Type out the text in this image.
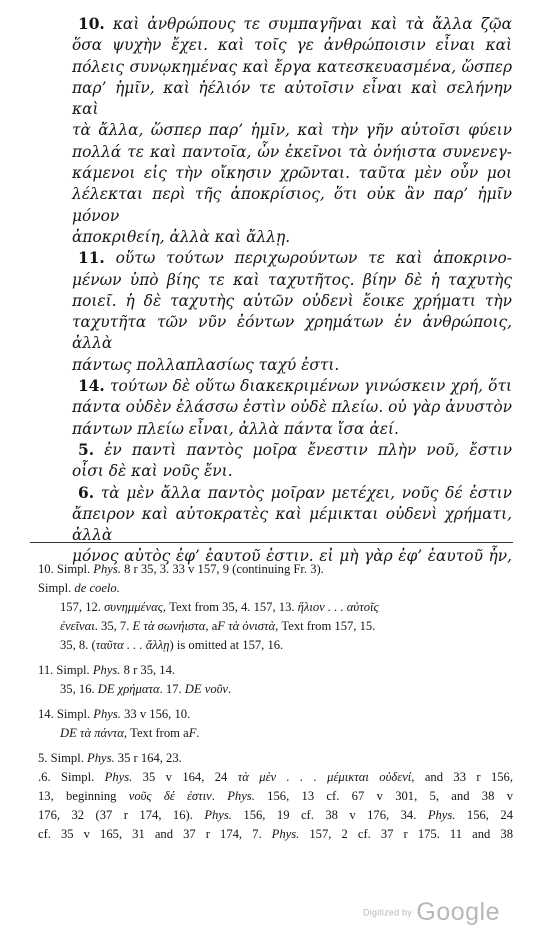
10. καὶ ἀνθρώπους τε συμπαγῆναι καὶ τὰ ἄλλα ζῷα

ὅσα ψυχὴν ἔχει. καὶ τοῖς γε ἀνθρώποισιν εἶναι καὶ

πόλεις συνῳκημένας καὶ ἔργα κατεσκευασμένα, ὥσπερ

παρ’ ἡμῖν, καὶ ἠέλιόν τε αὐτοῖσιν εἶναι καὶ σελήνην καὶ

τὰ ἄλλα, ὥσπερ παρ’ ἡμῖν, καὶ τὴν γῆν αὐτοῖσι φύειν

πολλά τε καὶ παντοῖα, ὧν ἐκεῖνοι τὰ ὀνήιστα συνενεγ-

κάμενοι εἰς τὴν οἴκησιν χρῶνται. ταῦτα μὲν οὖν μοι

λέλεκται περὶ τῆς ἀποκρίσιος, ὅτι οὐκ ἂν παρ’ ἡμῖν μόνον

ἀποκριθείη, ἀλλὰ καὶ ἄλλῃ.

11. οὕτω τούτων περιχωρούντων τε καὶ ἀποκρινο-

μένων ὑπὸ βίης τε καὶ ταχυτῆτος. βίην δὲ ἡ ταχυτὴς

ποιεῖ. ἡ δὲ ταχυτὴς αὐτῶν οὐδενὶ ἔοικε χρήματι τὴν

ταχυτῆτα τῶν νῦν ἐόντων χρημάτων ἐν ἀνθρώποις, ἀλλὰ

πάντως πολλαπλασίως ταχύ ἐστι.

14. τούτων δὲ οὕτω διακεκριμένων γινώσκειν χρή, ὅτι

πάντα οὐδὲν ἐλάσσω ἐστὶν οὐδὲ πλείω. οὐ γὰρ ἀνυστὸν

πάντων πλείω εἶναι, ἀλλὰ πάντα ἴσα ἀεί.

5. ἐν παντὶ παντὸς μοῖρα ἔνεστιν πλὴν νοῦ, ἔστιν

οἷσι δὲ καὶ νοῦς ἔνι.

6. τὰ μὲν ἄλλα παντὸς μοῖραν μετέχει, νοῦς δέ ἐστιν

ἄπειρον καὶ αὐτοκρατὲς καὶ μέμικται οὐδενὶ χρήματι, ἀλλὰ

μόνος αὐτὸς ἐφ’ ἑαυτοῦ ἐστιν. εἰ μὴ γὰρ ἐφ’ ἑαυτοῦ ἦν,

10. Simpl. Phys. 8 r 35, 3. 33 v 157, 9 (continuing Fr. 3).

Simpl. de coelo.

157, 12. συνημμένας, Text from 35, 4. 157, 13. ἥλιον . . . αὐτοῖς

ἐνεῖναι. 35, 7. E τὰ σωνήιστα, aF τὰ ὀνιστὰ, Text from 157, 15.

35, 8. (ταῦτα . . . ἄλλῃ) is omitted at 157, 16.

11. Simpl. Phys. 8 r 35, 14.

35, 16. DE χρήματα. 17. DE νοῦν.

14. Simpl. Phys. 33 v 156, 10.

DE τὰ πάντα, Text from aF.

5. Simpl. Phys. 35 r 164, 23.

.6. Simpl. Phys. 35 v 164, 24 τὰ μὲν . . . μέμικται οὐδενί, and 33 r 156,

13, beginning νοῦς δέ ἐστιν. Phys. 156, 13 cf. 67 v 301, 5, and 38 v

176, 32 (37 r 174, 16). Phys. 156, 19 cf. 38 v 176, 34. Phys. 156, 24

cf. 35 v 165, 31 and 37 r 174, 7. Phys. 157, 2 cf. 37 r 175. 11 and 38

Digitized by Google
